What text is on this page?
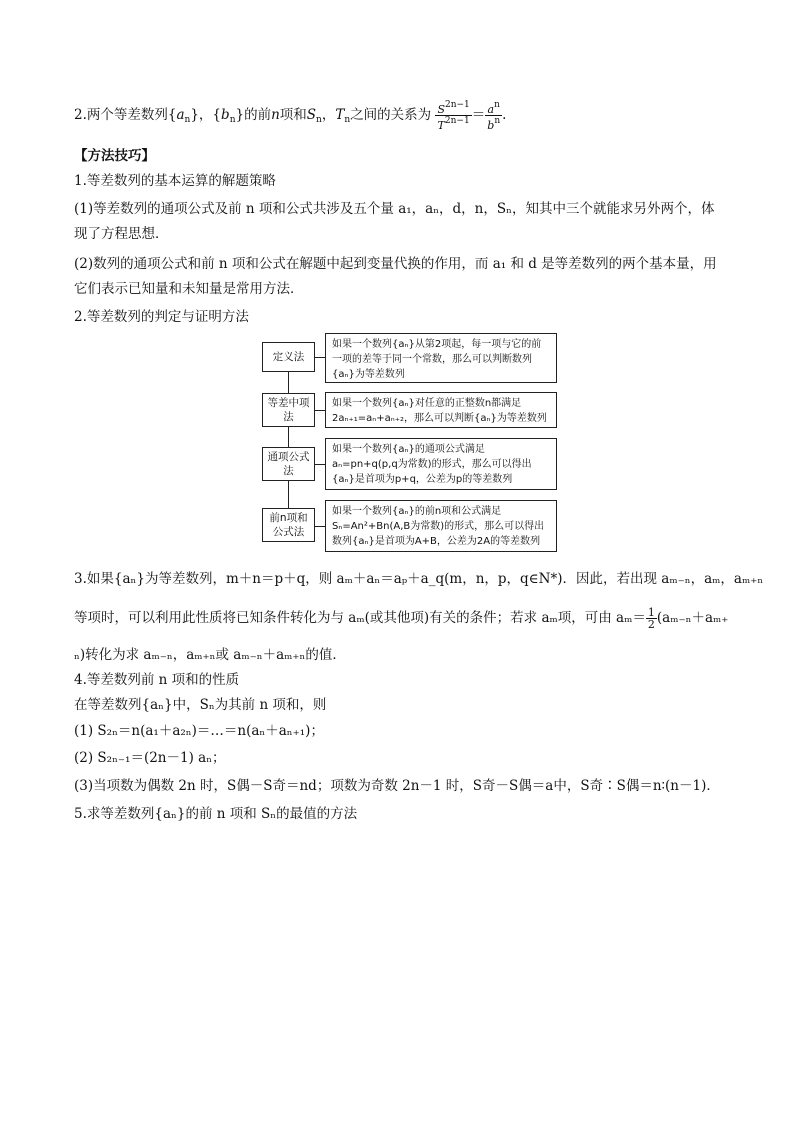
2.两个等差数列$\{a_n\}$，$\{b_n\}$的前n项和$S_n$，$T_n$之间的关系为 $\frac{S^{2n-1}}{T^{2n-1}} = \frac{a^n}{b^n}$ .
【方法技巧】
1.等差数列的基本运算的解题策略
(1)等差数列的通项公式及前 n 项和公式共涉及五个量 a₁，aₙ，d，n，Sₙ，知其中三个就能求另外两个，体现了方程思想．
(2)数列的通项公式和前 n 项和公式在解题中起到变量代换的作用，而 a₁ 和 d 是等差数列的两个基本量，用它们表示已知量和未知量是常用方法．
2.等差数列的判定与证明方法
定义法
如果一个数列{aₙ}从第2项起，每一项与它的前一项的差等于同一个常数，那么可以判断数列{aₙ}为等差数列
等差中项法
如果一个数列{aₙ}对任意的正整数n都满足2aₙ₊₁=aₙ+aₙ₊₂，那么可以判断{aₙ}为等差数列
通项公式法
如果一个数列{aₙ}的通项公式满足aₙ=pn+q(p,q为常数)的形式，那么可以得出{aₙ}是首项为p+q，公差为p的等差数列
前n项和公式法
如果一个数列{aₙ}的前n项和公式满足Sₙ=An²+Bn(A,B为常数)的形式，那么可以得出数列{aₙ}是首项为A+B，公差为2A的等差数列
3.如果{aₙ}为等差数列，m＋n＝p＋q，则 aₘ＋aₙ＝aₚ＋a_q(m，n，p，q∈N*)．因此，若出现 aₘ₋ₙ，aₘ，aₘ₊ₙ
等项时，可以利用此性质将已知条件转化为与 aₘ(或其他项)有关的条件；若求 aₘ项，可由 $a_m= \frac{1}{2} (a_{m-n}+a_{m+}$
ₙ)转化为求 aₘ₋ₙ，aₘ₊ₙ或 aₘ₋ₙ＋aₘ₊ₙ的值．
4.等差数列前 n 项和的性质
在等差数列{aₙ}中，Sₙ为其前 n 项和，则
(1) S₂ₙ＝n(a₁＋a₂ₙ)＝…＝n(aₙ＋aₙ₊₁)；
(2) S₂ₙ₋₁＝(2n－1) aₙ；
(3)当项数为偶数 2n 时，S偶－S奇＝nd；项数为奇数 2n－1 时，S奇－S偶＝a中，S奇∶S偶＝n∶(n－1)．
5.求等差数列{aₙ}的前 n 项和 Sₙ的最值的方法
